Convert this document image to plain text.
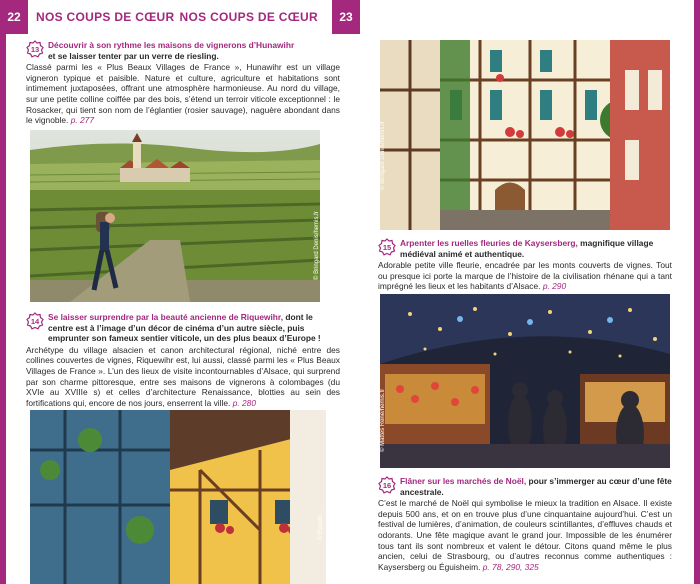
22	NOS COUPS DE CŒUR
13 Découvrir à son rythme les maisons de vignerons d’Hunawihr
et se laisser tenter par un verre de riesling.
Classé parmi les « Plus Beaux Villages de France », Hunawihr est un village vigneron typique et paisible. Nature et culture, agriculture et habitations sont intimement juxtaposées, offrant une atmosphère harmonieuse. Au nord du village, sur une petite colline coiffée par des bois, s’étend un terroir viticole exceptionnel : le Rosacker, qui tient son nom de l’églantier (rosier sauvage), naguère abondant dans le vignoble. p. 277
© Bringard Denis/hemis.fr
14 Se laisser surprendre par la beauté ancienne de Riquewihr, dont le centre est à l’image d’un décor de cinéma d’un autre siècle, puis emprunter son fameux sentier viticole, un des plus beaux d’Europe !
Archétype du village alsacien et canon architectural régional, niché entre des collines couvertes de vignes, Riquewihr est, lui aussi, classé parmi les « Plus Beaux Villages de France ». L’un des lieux de visite incontournables d’Alsace, qui surprend par son charme pittoresque, entre ses maisons de vignerons à colombages (du XVIe au XVIIIe s) et celles d’architecture Renaissance, blotties au sein des fortifications qui, encore de nos jours, enserrent la ville. p. 280
© Escott/...
NOS COUPS DE CŒUR	23
© Bringard Denis/hemis.fr
15 Arpenter les ruelles fleuries de Kaysersberg, magnifique village médiéval animé et authentique.
Adorable petite ville fleurie, encadrée par les monts couverts de vignes. Tout ou presque ici porte la marque de l’histoire de la civilisation rhénane qui a tant imprégné les lieux et les habitants d’Alsace. p. 290
© Mattes René/hemis.fr
16 Flâner sur les marchés de Noël, pour s’immerger au cœur d’une fête ancestrale.
C’est le marché de Noël qui symbolise le mieux la tradition en Alsace. Il existe depuis 500 ans, et on en trouve plus d’une cinquantaine aujourd’hui. C’est un festival de lumières, d’animation, de couleurs scintillantes, d’effluves chauds et odorants. Une fête magique avant le grand jour. Impossible de les énumérer tous tant ils sont nombreux et valent le détour. Citons quand même le plus ancien, celui de Strasbourg, ou d’autres reconnus comme authentiques : Kaysersberg ou Éguisheim. p. 78, 290, 325
